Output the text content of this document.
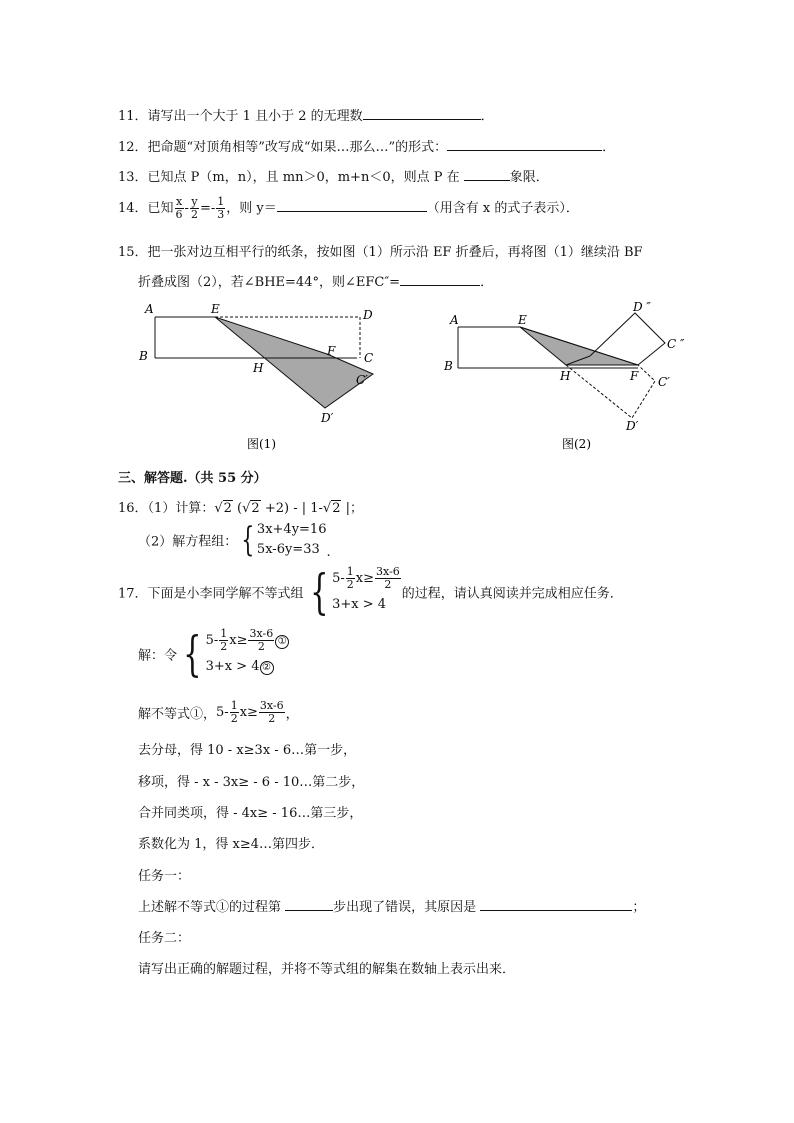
11．请写出一个大于 1 且小于 2 的无理数	．
12．把命题“对顶角相等”改写成“如果…那么…”的形式：	．
13．已知点 P（m，n），且 mn＞0，m+n＜0，则点 P 在	象限．
14．已知 $\frac{x}{6} - \frac{y}{2} =- \frac{1}{3}$ ，则 y＝	（用含有 x 的式子表示）．
15．把一张对边互相平行的纸条，按如图（1）所示沿 EF 折叠后，再将图（1）继续沿 BF
折叠成图（2），若∠BHE=44°，则∠EFC″=	．
A	E	D
B	F C
H
C′
D′
图(1)
A	E
D ″
C ″
B
H	F C′
D′
图(2)
三、解答题.（共 55 分）
16．（1）计算：√2 (√2 +2) - | 1-√2 |；
（2）解方程组： { 3x+4y=16
5x-6y=33 .
17．下面是小李同学解不等式组 { $5- \frac{1}{2} x\ge \frac{3x-6}{2}$
3+x > 4
的过程，请认真阅读并完成相应任务．
解：令 { $5- \frac{1}{2} x\ge \frac{3x-6}{2}$ ①
3+x > 4 ②
解不等式①，$5- \frac{1}{2} x\ge \frac{3x-6}{2}$ ，
去分母，得 10 - x≥3x - 6…第一步，
移项，得 - x - 3x≥ - 6 - 10…第二步，
合并同类项，得 - 4x≥ - 16…第三步，
系数化为 1，得 x≥4…第四步．
任务一：
上述解不等式①的过程第	步出现了错误，其原因是	；
任务二：
请写出正确的解题过程，并将不等式组的解集在数轴上表示出来．
